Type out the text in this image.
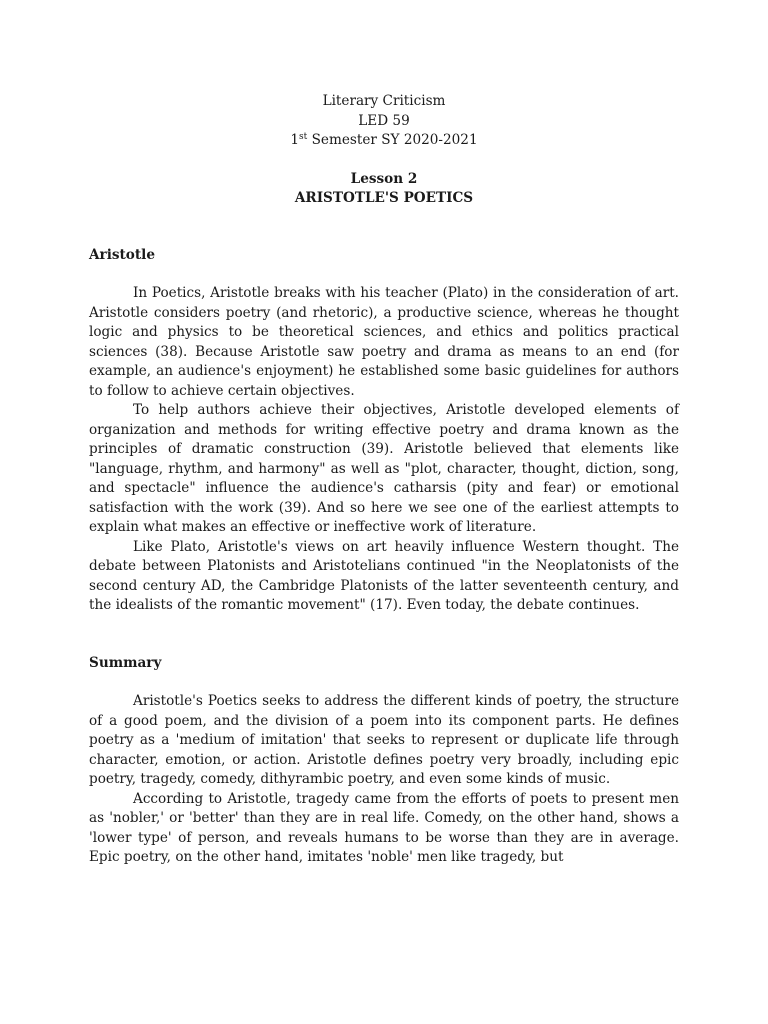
Literary Criticism
LED 59
1st Semester SY 2020-2021
Lesson 2
ARISTOTLE'S POETICS
Aristotle

In Poetics, Aristotle breaks with his teacher (Plato) in the consideration of art. Aristotle considers poetry (and rhetoric), a productive science, whereas he thought logic and physics to be theoretical sciences, and ethics and politics practical sciences (38). Because Aristotle saw poetry and drama as means to an end (for example, an audience's enjoyment) he established some basic guidelines for authors to follow to achieve certain objectives.

To help authors achieve their objectives, Aristotle developed elements of organization and methods for writing effective poetry and drama known as the principles of dramatic construction (39). Aristotle believed that elements like "language, rhythm, and harmony" as well as "plot, character, thought, diction, song, and spectacle" influence the audience's catharsis (pity and fear) or emotional satisfaction with the work (39). And so here we see one of the earliest attempts to explain what makes an effective or ineffective work of literature.

Like Plato, Aristotle's views on art heavily influence Western thought. The debate between Platonists and Aristotelians continued "in the Neoplatonists of the second century AD, the Cambridge Platonists of the latter seventeenth century, and the idealists of the romantic movement" (17). Even today, the debate continues.

Summary

Aristotle's Poetics seeks to address the different kinds of poetry, the structure of a good poem, and the division of a poem into its component parts. He defines poetry as a 'medium of imitation' that seeks to represent or duplicate life through character, emotion, or action. Aristotle defines poetry very broadly, including epic poetry, tragedy, comedy, dithyrambic poetry, and even some kinds of music.

According to Aristotle, tragedy came from the efforts of poets to present men as 'nobler,' or 'better' than they are in real life. Comedy, on the other hand, shows a 'lower type' of person, and reveals humans to be worse than they are in average. Epic poetry, on the other hand, imitates 'noble' men like tragedy, but
